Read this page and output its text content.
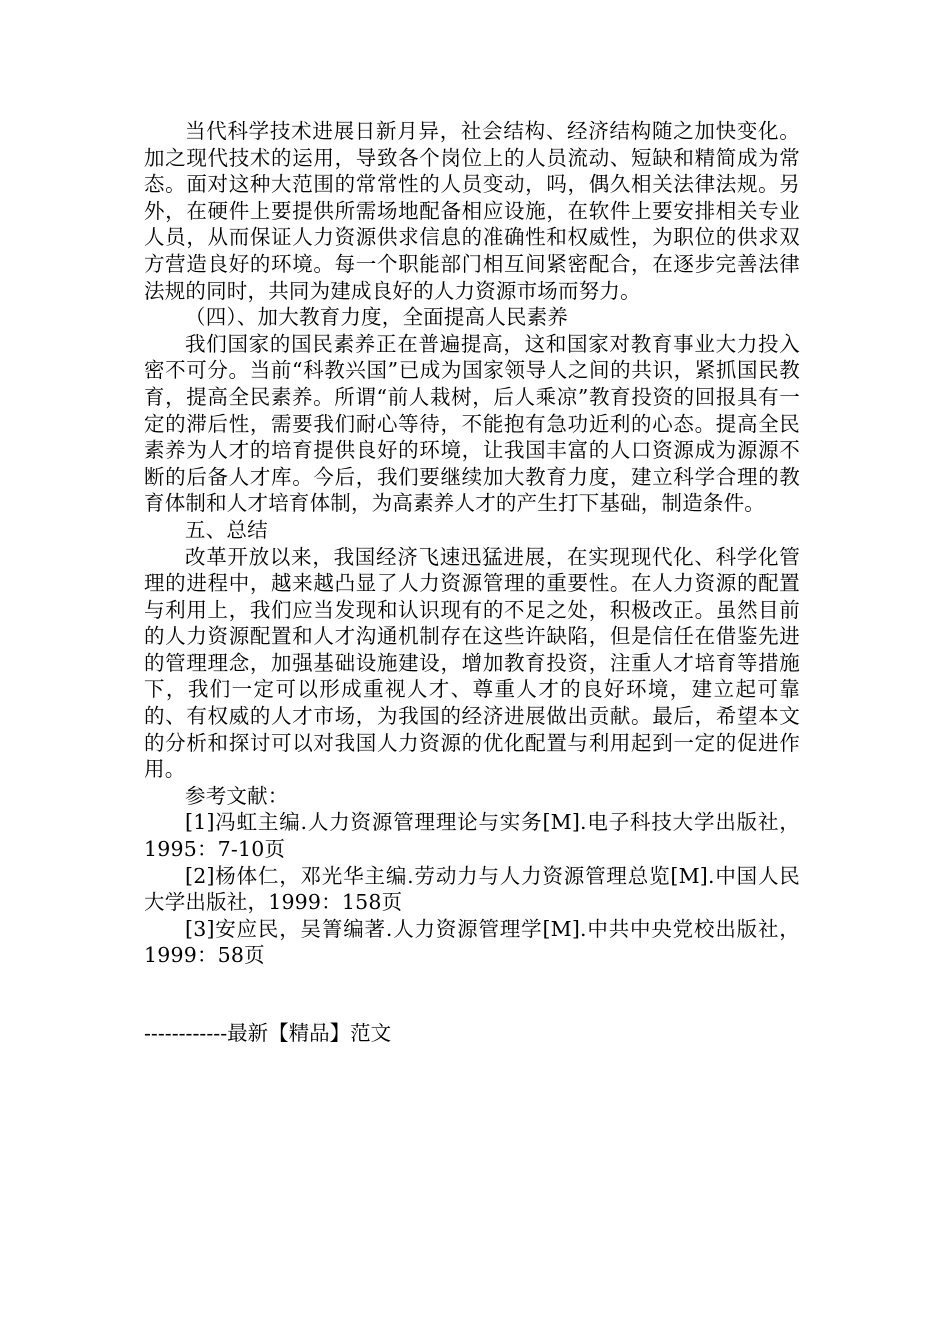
当代科学技术进展日新月异，社会结构、经济结构随之加快变化。加之现代技术的运用，导致各个岗位上的人员流动、短缺和精简成为常态。面对这种大范围的常常性的人员变动，吗，偶久相关法律法规。另外，在硬件上要提供所需场地配备相应设施，在软件上要安排相关专业人员，从而保证人力资源供求信息的准确性和权威性，为职位的供求双方营造良好的环境。每一个职能部门相互间紧密配合，在逐步完善法律法规的同时，共同为建成良好的人力资源市场而努力。

（四）、加大教育力度，全面提高人民素养

我们国家的国民素养正在普遍提高，这和国家对教育事业大力投入密不可分。当前“科教兴国”已成为国家领导人之间的共识，紧抓国民教育，提高全民素养。所谓“前人栽树，后人乘凉”教育投资的回报具有一定的滞后性，需要我们耐心等待，不能抱有急功近利的心态。提高全民素养为人才的培育提供良好的环境，让我国丰富的人口资源成为源源不断的后备人才库。今后，我们要继续加大教育力度，建立科学合理的教育体制和人才培育体制，为高素养人才的产生打下基础，制造条件。

五、总结

改革开放以来，我国经济飞速迅猛进展，在实现现代化、科学化管理的进程中，越来越凸显了人力资源管理的重要性。在人力资源的配置与利用上，我们应当发现和认识现有的不足之处，积极改正。虽然目前的人力资源配置和人才沟通机制存在这些许缺陷，但是信任在借鉴先进的管理理念，加强基础设施建设，增加教育投资，注重人才培育等措施下，我们一定可以形成重视人才、尊重人才的良好环境，建立起可靠的、有权威的人才市场，为我国的经济进展做出贡献。最后，希望本文的分析和探讨可以对我国人力资源的优化配置与利用起到一定的促进作用。

参考文献：

[1]冯虹主编.人力资源管理理论与实务[M].电子科技大学出版社，1995：7-10页

[2]杨体仁，邓光华主编.劳动力与人力资源管理总览[M].中国人民大学出版社，1999：158页

[3]安应民，吴箐编著.人力资源管理学[M].中共中央党校出版社，1999：58页

------------最新【精品】范文
